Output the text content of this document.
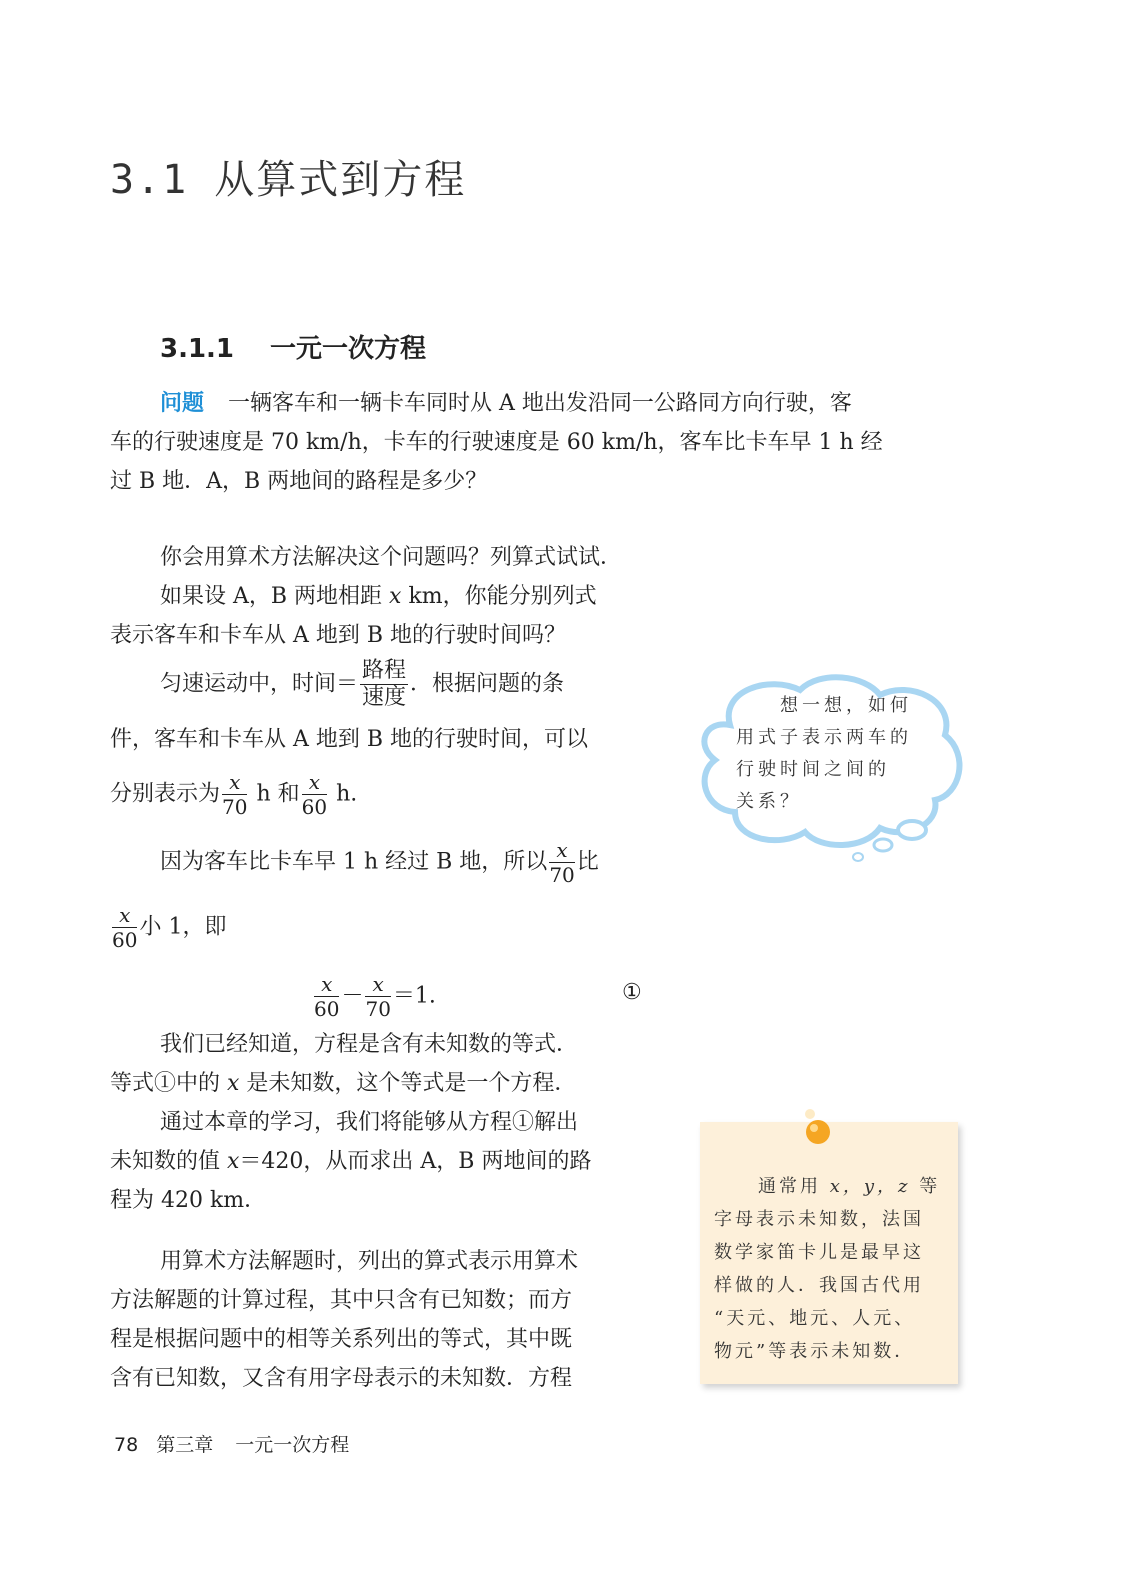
3.1 从算式到方程
3.1.1 一元一次方程
问题 一辆客车和一辆卡车同时从 A 地出发沿同一公路同方向行驶，客
车的行驶速度是 70 km/h，卡车的行驶速度是 60 km/h，客车比卡车早 1 h 经
过 B 地．A，B 两地间的路程是多少？
你会用算术方法解决这个问题吗？列算式试试．
如果设 A，B 两地相距 x km，你能分别列式
表示客车和卡车从 A 地到 B 地的行驶时间吗？
匀速运动中，时间＝ $\frac{\text{路程}}{\text{速度}}$ ．根据问题的条
件，客车和卡车从 A 地到 B 地的行驶时间，可以
分别表示为 $\frac{x}{70}$ h 和 $\frac{x}{60} h$.
因为客车比卡车早 1 h 经过 B 地，所以 $\frac{x}{70}$ 比
$\frac{x}{60}$ 小 1，即
$\frac{x}{60} - \frac{x}{70} =1$.	①
我们已经知道，方程是含有未知数的等式．
等式①中的 x 是未知数，这个等式是一个方程．
通过本章的学习，我们将能够从方程①解出
未知数的值 x＝420，从而求出 A，B 两地间的路
程为 420 km．
用算术方法解题时，列出的算式表示用算术
方法解题的计算过程，其中只含有已知数；而方
程是根据问题中的相等关系列出的等式，其中既
含有已知数，又含有用字母表示的未知数．方程
想一想，如何
用式子表示两车的
行驶时间之间的
关系？
通常用 x，y，z 等
字母表示未知数，法国
数学家笛卡儿是最早这
样做的人．我国古代用
“天元、地元、人元、
物元”等表示未知数．
78 第三章 一元一次方程
